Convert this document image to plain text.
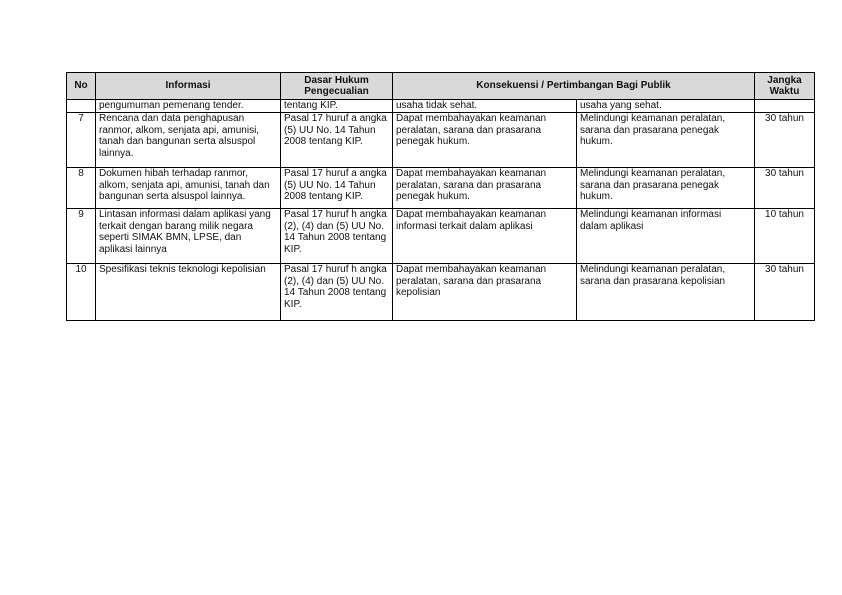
No	Informasi	Dasar Hukum Pengecualian	Konsekuensi / Pertimbangan Bagi Publik		Jangka Waktu
	pengumuman pemenang tender.	tentang KIP.	usaha tidak sehat.	usaha yang sehat.	
7	Rencana dan data penghapusan ranmor, alkom, senjata api, amunisi, tanah dan bangunan serta alsuspol lainnya.	Pasal 17 huruf a angka (5) UU No. 14 Tahun 2008 tentang KIP.	Dapat membahayakan keamanan peralatan, sarana dan prasarana penegak hukum.	Melindungi keamanan peralatan, sarana dan prasarana penegak hukum.	30 tahun
8	Dokumen hibah terhadap ranmor, alkom, senjata api, amunisi, tanah dan bangunan serta alsuspol lainnya.	Pasal 17 huruf a angka (5) UU No. 14 Tahun 2008 tentang KIP.	Dapat membahayakan keamanan peralatan, sarana dan prasarana penegak hukum.	Melindungi keamanan peralatan, sarana dan prasarana penegak hukum.	30 tahun
9	Lintasan informasi dalam aplikasi yang terkait dengan barang milik negara seperti SIMAK BMN, LPSE, dan aplikasi lainnya	Pasal 17 huruf h angka (2), (4) dan (5) UU No. 14 Tahun 2008 tentang KIP.	Dapat membahayakan keamanan informasi terkait dalam aplikasi	Melindungi keamanan informasi dalam aplikasi	10 tahun
10	Spesifikasi teknis teknologi kepolisian	Pasal 17 huruf h angka (2), (4) dan (5) UU No. 14 Tahun 2008 tentang KIP.	Dapat membahayakan keamanan peralatan, sarana dan prasarana kepolisian	Melindungi keamanan peralatan, sarana dan prasarana kepolisian	30 tahun
